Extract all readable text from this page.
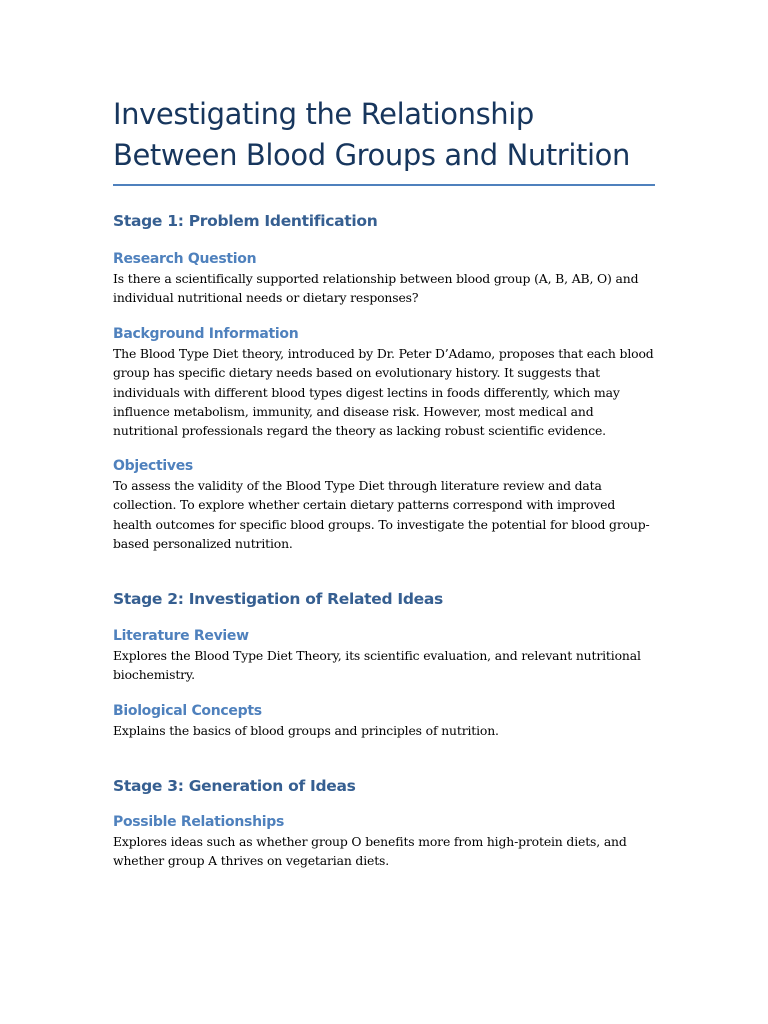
Investigating the Relationship Between Blood Groups and Nutrition
Stage 1: Problem Identification
Research Question

Is there a scientifically supported relationship between blood group (A, B, AB, O) and individual nutritional needs or dietary responses?

Background Information

The Blood Type Diet theory, introduced by Dr. Peter D’Adamo, proposes that each blood group has specific dietary needs based on evolutionary history. It suggests that individuals with different blood types digest lectins in foods differently, which may influence metabolism, immunity, and disease risk. However, most medical and nutritional professionals regard the theory as lacking robust scientific evidence.

Objectives

To assess the validity of the Blood Type Diet through literature review and data collection. To explore whether certain dietary patterns correspond with improved health outcomes for specific blood groups. To investigate the potential for blood group-based personalized nutrition.

Stage 2: Investigation of Related Ideas
Literature Review

Explores the Blood Type Diet Theory, its scientific evaluation, and relevant nutritional biochemistry.

Biological Concepts

Explains the basics of blood groups and principles of nutrition.

Stage 3: Generation of Ideas
Possible Relationships

Explores ideas such as whether group O benefits more from high-protein diets, and whether group A thrives on vegetarian diets.
